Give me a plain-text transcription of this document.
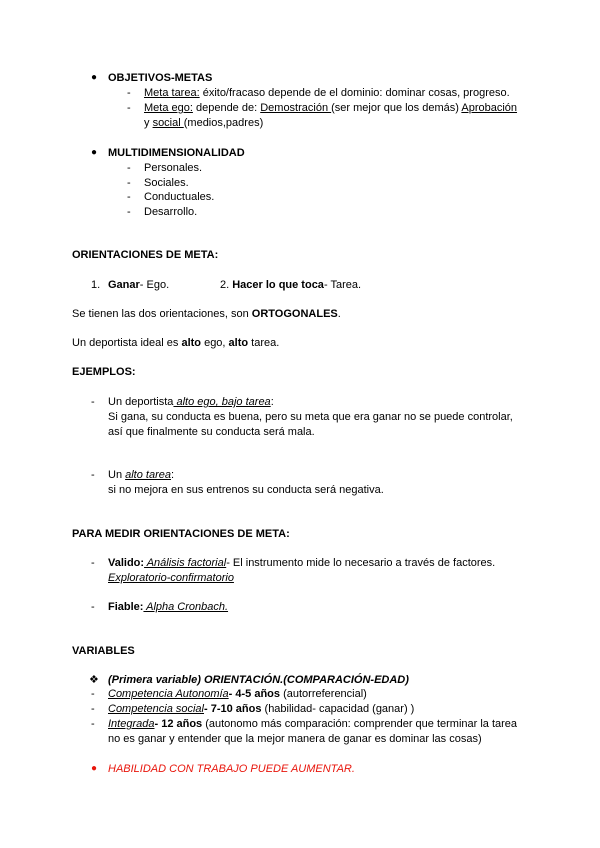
● OBJETIVOS-METAS
- Meta tarea: éxito/fracaso depende de el dominio: dominar cosas, progreso.
- Meta ego: depende de: Demostración (ser mejor que los demás) Aprobación
y social (medios,padres)
● MULTIDIMENSIONALIDAD
- Personales.
- Sociales.
- Conductuales.
- Desarrollo.
ORIENTACIONES DE META:
1. Ganar- Ego.	2. Hacer lo que toca- Tarea.
Se tienen las dos orientaciones, son ORTOGONALES.
Un deportista ideal es alto ego, alto tarea.
EJEMPLOS:
- Un deportista alto ego, bajo tarea:
Si gana, su conducta es buena, pero su meta que era ganar no se puede controlar,
así que finalmente su conducta será mala.
- Un alto tarea:
si no mejora en sus entrenos su conducta será negativa.
PARA MEDIR ORIENTACIONES DE META:
- Valido: Análisis factorial- El instrumento mide lo necesario a través de factores.
Exploratorio-confirmatorio
- Fiable: Alpha Cronbach.
VARIABLES
❖ (Primera variable) ORIENTACIÓN.(COMPARACIÓN-EDAD)
- Competencia Autonomía- 4-5 años (autorreferencial)
- Competencia social- 7-10 años (habilidad- capacidad (ganar) )
- Integrada- 12 años (autonomo más comparación: comprender que terminar la tarea
no es ganar y entender que la mejor manera de ganar es dominar las cosas)
● HABILIDAD CON TRABAJO PUEDE AUMENTAR.
